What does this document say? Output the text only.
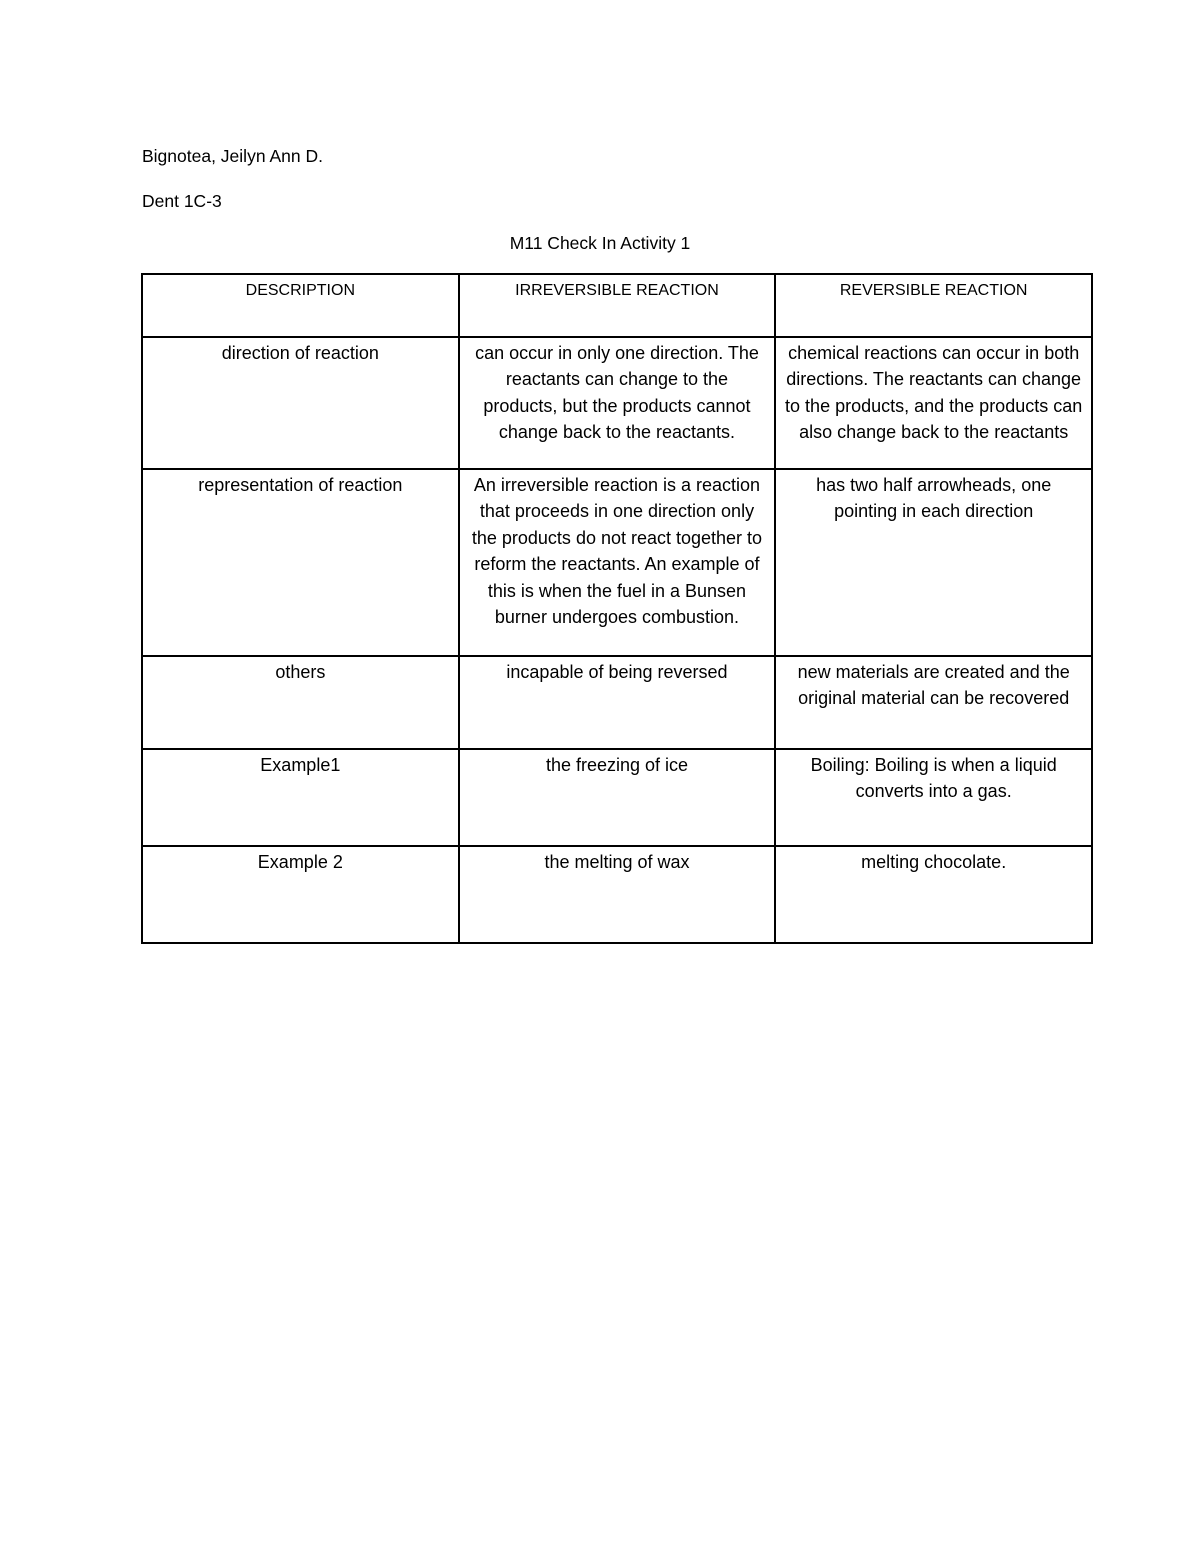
Bignotea, Jeilyn Ann D.
Dent 1C-3
M11 Check In Activity 1
DESCRIPTION	IRREVERSIBLE REACTION	REVERSIBLE REACTION
direction of reaction	can occur in only one direction. The reactants can change to the products, but the products cannot change back to the reactants.	chemical reactions can occur in both directions. The reactants can change to the products, and the products can also change back to the reactants
representation of reaction	An irreversible reaction is a reaction that proceeds in one direction only the products do not react together to reform the reactants. An example of this is when the fuel in a Bunsen burner undergoes combustion.	has two half arrowheads, one pointing in each direction
others	incapable of being reversed	new materials are created and the original material can be recovered
Example1	the freezing of ice	Boiling: Boiling is when a liquid converts into a gas.
Example 2	the melting of wax	melting chocolate.
